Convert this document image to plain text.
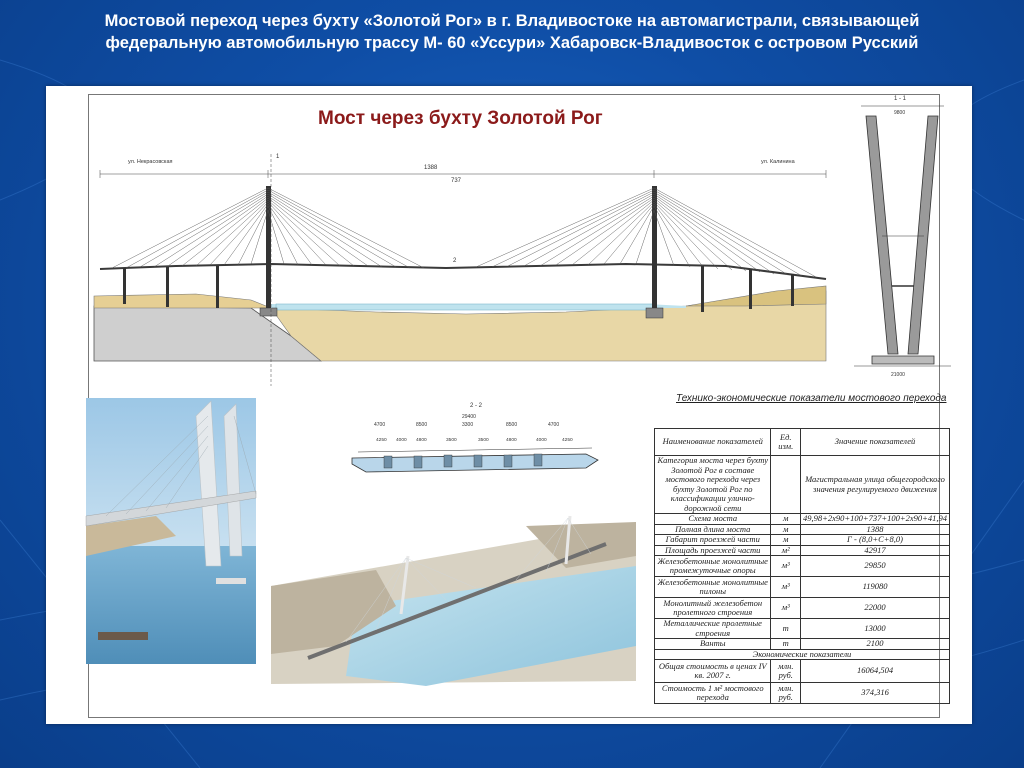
Мостовой переход через бухту «Золотой Рог» в г. Владивостоке на автомагистрали, связывающей
федеральную автомобильную трассу М- 60 «Уссури» Хабаровск-Владивосток с островом Русский
1388
737
ул. Некрасовская	ул. Калинина
1
2
1 - 1
9800
21000
Мост через бухту Золотой Рог
2 - 2
4700	8500	3300	8500	4700
29400
4250 4000 4800	3500	3500	4800	4000	4250
Технико-экономические показатели мостового перехода
Наименование показателей	Ед. изм.	Значение показателей
Категория моста через бухту Золотой Рог в составе мостового перехода через бухту Золотой Рог по классификации улично-дорожной сети		Магистральная улица общегородского значения регулируемого движения
Схема моста	м	49,98+2х90+100+737+100+2х90+41,94
Полная длина моста	м	1388
Габарит проезжей части	м	Г - (8,0+С+8,0)
Площадь проезжей части	м²	42917
Железобетонные монолитные промежуточные опоры	м³	29850
Железобетонные монолитные пилоны	м³	119080
Монолитный железобетон пролетного строения	м³	22000
Металлические пролетные строения	т	13000
Ванты	т	2100
Экономические показатели		
Общая стоимость в ценах IV кв. 2007 г.	млн. руб.	16064,504
Стоимость 1 м² мостового перехода	млн. руб.	374,316
